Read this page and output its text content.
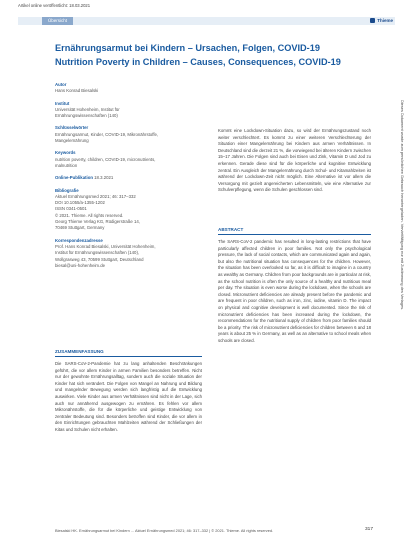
Artikel online veröffentlicht: 18.03.2021
Übersicht	Thieme
Ernährungsarmut bei Kindern – Ursachen, Folgen, COVID-19
Nutrition Poverty in Children – Causes, Consequences, COVID-19
Autor
Hans Konrad Biesalski
Institut
Universität Hohenheim, Institut für
Ernährungswissenschaften (140)
Schlüsselwörter
Ernährungsarmut, Kinder, COVID-19, Mikronährstoffe,
Mangelernährung
Keywords
nutrition poverty, children, COVID-19, micronutrients,
malnutrition
Online-Publikation 18.3.2021
Bibliografie
Aktuel Ernährungsmed 2021; 46: 317–332
DOI 10.1055/a-1355-1202
ISSN 0341-0501
© 2021. Thieme. All rights reserved.
Georg Thieme Verlag KG, Rüdigerstraße 14,
70469 Stuttgart, Germany
Korrespondenzadresse
Prof. Hans Konrad Biesalski, Universität Hohenheim,
Institut für Ernährungswissenschaften (140),
Wollgrasweg 43, 70599 Stuttgart, Deutschland
biesal@uni-hohenheim.de
ZUSAMMENFASSUNG
Die SARS-CoV-2-Pandemie hat zu lang anhaltenden Beschränkungen geführt, die vor allem Kinder in armen Familien besonders betreffen. Nicht nur der gewohnte Ernährungsalltag, sondern auch die soziale Situation der Kinder hat sich verändert. Die Folgen von Mangel an Nahrung und Bildung und mangelnder Bewegung werden sich langfristig auf die Entwicklung auswirken. Viele Kinder aus armen Verhältnissen sind nicht in der Lage, sich auch nur annähernd ausgewogen zu ernähren. Es fehlen vor allem Mikronährstoffe, die für die körperliche und geistige Entwicklung von zentraler Bedeutung sind. Besonders betroffen sind Kinder, die vor allem in den Einrichtungen gebrauchten Mahlzeiten während der Schließungen der Kitas und Schulen nicht erhalten.
Kommt eine Lockdown-Situation dazu, so wird der Ernährungszustand noch weiter verschlechtert. Es kommt zu einer weiteren Verschlechterung der Situation einer Mangelernährung bei Kindern aus armen Verhältnissen. In Deutschland sind die derzeit 21 %, die vorwiegend bei älteren Kindern zwischen 15–17 Jahren. Die Folgen sind auch bei Eisen und Zink, Vitamin D und Jod zu erkennen. Gerade diese sind für die körperliche und kognitive Entwicklung zentral. Ein Ausgleich der Mangelernährung durch Schul- und Kitamahlzeiten ist während der Lockdown-Zeit nicht möglich. Eine Alternative ist vor allem die Versorgung mit gezielt angereicherten Lebensmitteln, wie eine Alternative zur Schulverpflegung, wenn die Schulen geschlossen sind.
ABSTRACT
The SARS-CoV-2 pandemic has resulted in long-lasting restrictions that have particularly affected children in poor families. Not only the psychological pressure, the lack of social contacts, which are communicated again and again, but also the nutritional situation has consequences for the children. However, the situation has been overlooked so far, as it is difficult to imagine in a country as wealthy as Germany. Children from poor backgrounds are in particular at risk, as the school nutrition is often the only source of a healthy and nutritious meal per day. The situation is even worse during the lockdown, when the schools are closed. Micronutrient deficiencies are already present before the pandemic and are frequent in poor children, such as iron, zinc, iodine, vitamin D. The impact on physical and cognitive development is well documented. Since the risk of micronutrient deficiencies has been increased during the lockdown, the recommendations for the nutritional supply of children from poor families should be a priority. The risk of micronutrient deficiencies for children between 6 and 18 years is about 25 % in Germany, as well as an alternative to school meals when schools are closed.
Dieses Dokument wurde zum persönlichen Gebrauch heruntergeladen. Vervielfältigung nur mit Zustimmung des Verlages.
Biesalski HK. Ernährungsarmut bei Kindern ... Aktuel Ernährungsmed 2021; 46: 317–332 | © 2021. Thieme. All rights reserved.	317
